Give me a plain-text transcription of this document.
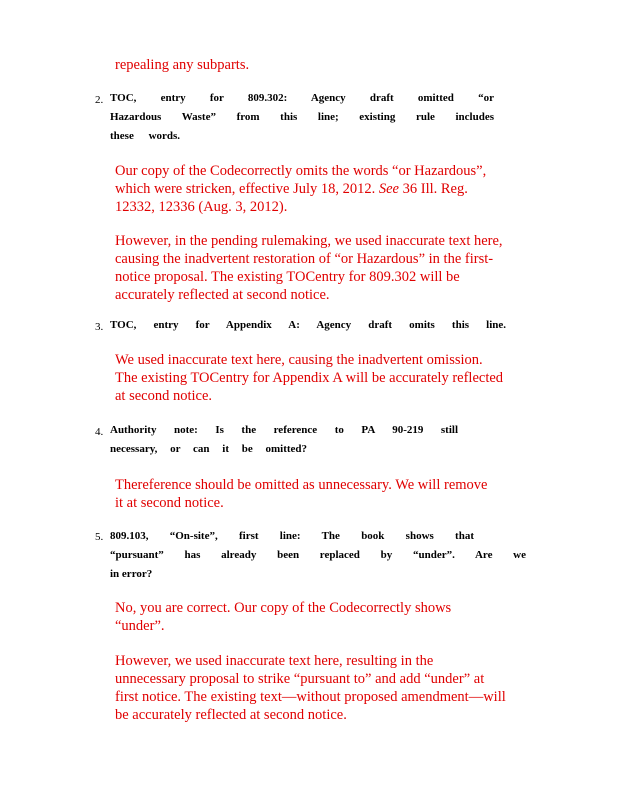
repealing any subparts.
2. TOC, entry for 809.302: Agency draft omitted “or
Hazardous Waste” from this line; existing rule includes
these words.
Our copy of the Codecorrectly omits the words “or Hazardous”,
which were stricken, effective July 18, 2012. See 36 Ill. Reg.
12332, 12336 (Aug. 3, 2012).
However, in the pending rulemaking, we used inaccurate text here,
causing the inadvertent restoration of “or Hazardous” in the first-
notice proposal. The existing TOCentry for 809.302 will be
accurately reflected at second notice.
3. TOC, entry for Appendix A: Agency draft omits this line.
We used inaccurate text here, causing the inadvertent omission.
The existing TOCentry for Appendix A will be accurately reflected
at second notice.
4. Authority note: Is the reference to PA 90-219 still
necessary, or can it be omitted?
Thereference should be omitted as unnecessary. We will remove
it at second notice.
5. 809.103, “On-site”, first line: The book shows that
“pursuant” has already been replaced by “under”. Are we
in error?
No, you are correct. Our copy of the Codecorrectly shows
“under”.
However, we used inaccurate text here, resulting in the
unnecessary proposal to strike “pursuant to” and add “under” at
first notice. The existing text—without proposed amendment—will
be accurately reflected at second notice.
